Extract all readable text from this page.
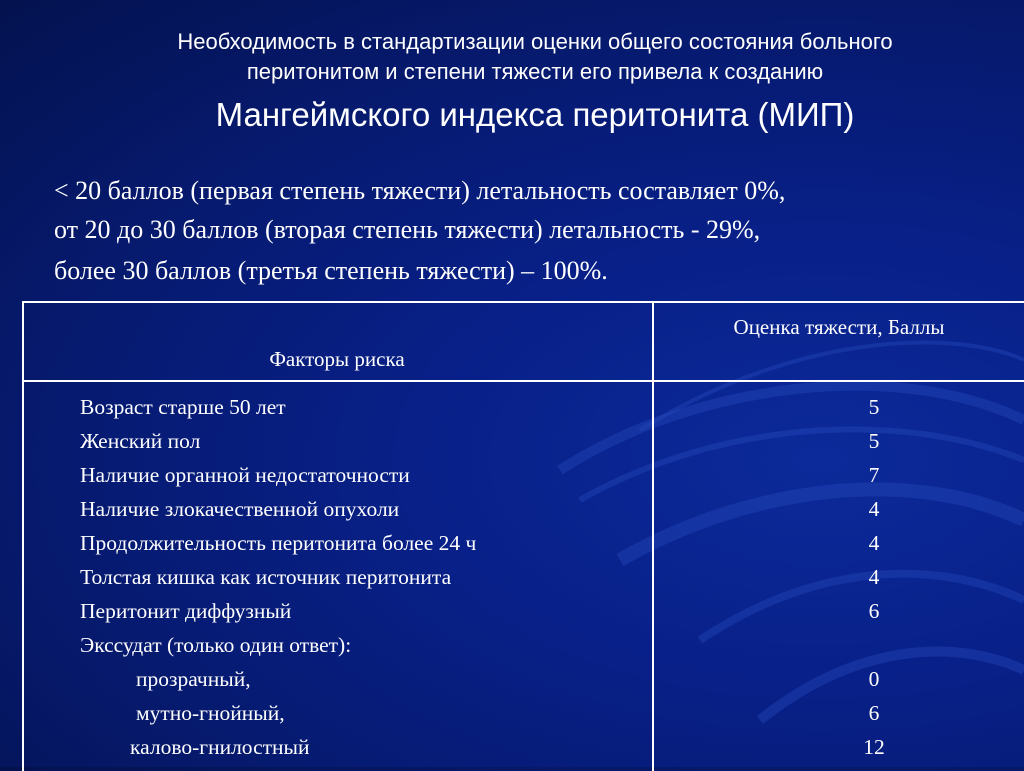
Необходимость в стандартизации оценки общего состояния больного
перитонитом и степени тяжести его привела к созданию
Мангеймского индекса перитонита (МИП)
< 20 баллов (первая степень тяжести) летальность составляет 0%,
от 20 до 30 баллов (вторая степень тяжести) летальность - 29%,
более 30 баллов (третья степень тяжести) – 100%.
Факторы риска
Оценка тяжести, Баллы
Возраст старше 50 лет	5
Женский пол	5
Наличие органной недостаточности	7
Наличие злокачественной опухоли	4
Продолжительность перитонита более 24 ч	4
Толстая кишка как источник перитонита	4
Перитонит диффузный	6
Экссудат (только один ответ):
прозрачный,	0
мутно-гнойный,	6
калово-гнилостный	12
